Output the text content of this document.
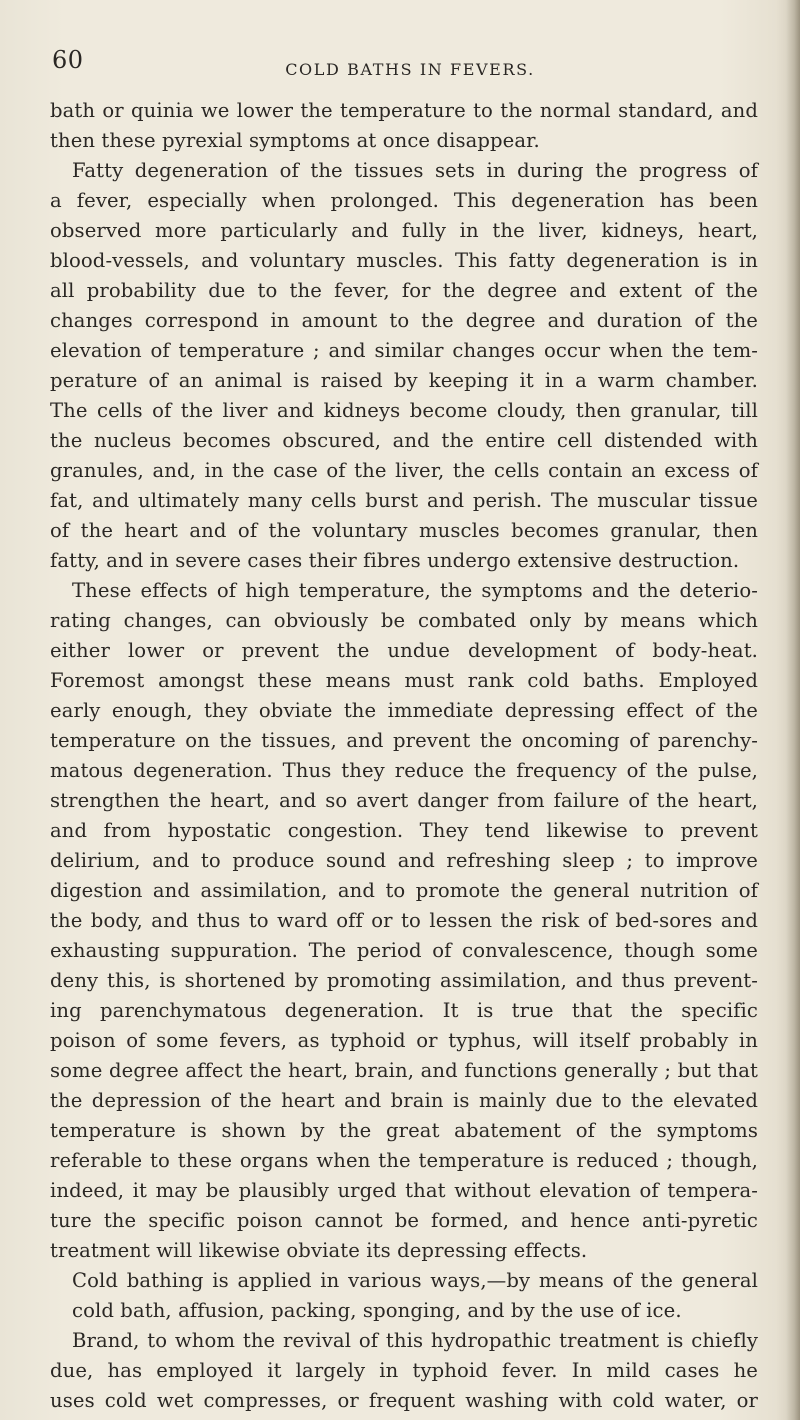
60	COLD BATHS IN FEVERS.
bath or quinia we lower the temperature to the normal standard, and
then these pyrexial symptoms at once disappear.
Fatty degeneration of the tissues sets in during the progress of
a fever, especially when prolonged. This degeneration has been
observed more particularly and fully in the liver, kidneys, heart,
blood-vessels, and voluntary muscles. This fatty degeneration is in
all probability due to the fever, for the degree and extent of the
changes correspond in amount to the degree and duration of the
elevation of temperature ; and similar changes occur when the tem-
perature of an animal is raised by keeping it in a warm chamber.
The cells of the liver and kidneys become cloudy, then granular, till
the nucleus becomes obscured, and the entire cell distended with
granules, and, in the case of the liver, the cells contain an excess of
fat, and ultimately many cells burst and perish. The muscular tissue
of the heart and of the voluntary muscles becomes granular, then
fatty, and in severe cases their fibres undergo extensive destruction.
These effects of high temperature, the symptoms and the deterio-
rating changes, can obviously be combated only by means which
either lower or prevent the undue development of body-heat.
Foremost amongst these means must rank cold baths. Employed
early enough, they obviate the immediate depressing effect of the
temperature on the tissues, and prevent the oncoming of parenchy-
matous degeneration. Thus they reduce the frequency of the pulse,
strengthen the heart, and so avert danger from failure of the heart,
and from hypostatic congestion. They tend likewise to prevent
delirium, and to produce sound and refreshing sleep ; to improve
digestion and assimilation, and to promote the general nutrition of
the body, and thus to ward off or to lessen the risk of bed-sores and
exhausting suppuration. The period of convalescence, though some
deny this, is shortened by promoting assimilation, and thus prevent-
ing parenchymatous degeneration. It is true that the specific
poison of some fevers, as typhoid or typhus, will itself probably in
some degree affect the heart, brain, and functions generally ; but that
the depression of the heart and brain is mainly due to the elevated
temperature is shown by the great abatement of the symptoms
referable to these organs when the temperature is reduced ; though,
indeed, it may be plausibly urged that without elevation of tempera-
ture the specific poison cannot be formed, and hence anti-pyretic
treatment will likewise obviate its depressing effects.
Cold bathing is applied in various ways,—by means of the general
cold bath, affusion, packing, sponging, and by the use of ice.
Brand, to whom the revival of this hydropathic treatment is chiefly
due, has employed it largely in typhoid fever. In mild cases he
uses cold wet compresses, or frequent washing with cold water, or
